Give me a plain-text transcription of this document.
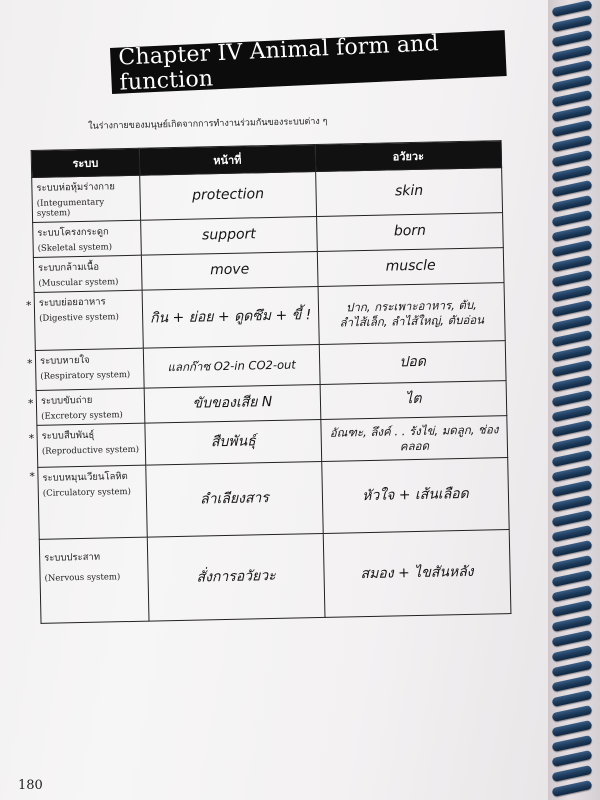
Chapter IV Animal form and function
ในร่างกายของมนุษย์เกิดจากการทำงานร่วมกันของระบบต่าง ๆ
ระบบ	หน้าที่	อวัยวะ

ระบบห่อหุ้มร่างกาย
(Integumentary system)	protection	skin

ระบบโครงกระดูก
(Skeletal system)	support	born

ระบบกล้ามเนื้อ
(Muscular system)	move	muscle

* ระบบย่อยอาหาร
(Digestive system)	กิน + ย่อย + ดูดซึม + ขี้ !	ปาก, กระเพาะอาหาร, ตับ, ลำไส้เล็ก, ลำไส้ใหญ่, ตับอ่อน

* ระบบหายใจ
(Respiratory system)	แลกก๊าซ O2-in CO2-out	ปอด

* ระบบขับถ่าย
(Excretory system)	ขับของเสีย N	ไต

* ระบบสืบพันธุ์
(Reproductive system)	สืบพันธุ์	อัณฑะ, ลึงค์ . . รังไข่, มดลูก, ช่องคลอด

* ระบบหมุนเวียนโลหิต
(Circulatory system)	ลำเลียงสาร	หัวใจ + เส้นเลือด

ระบบประสาท
(Nervous system)	สั่งการอวัยวะ	สมอง + ไขสันหลัง
180
